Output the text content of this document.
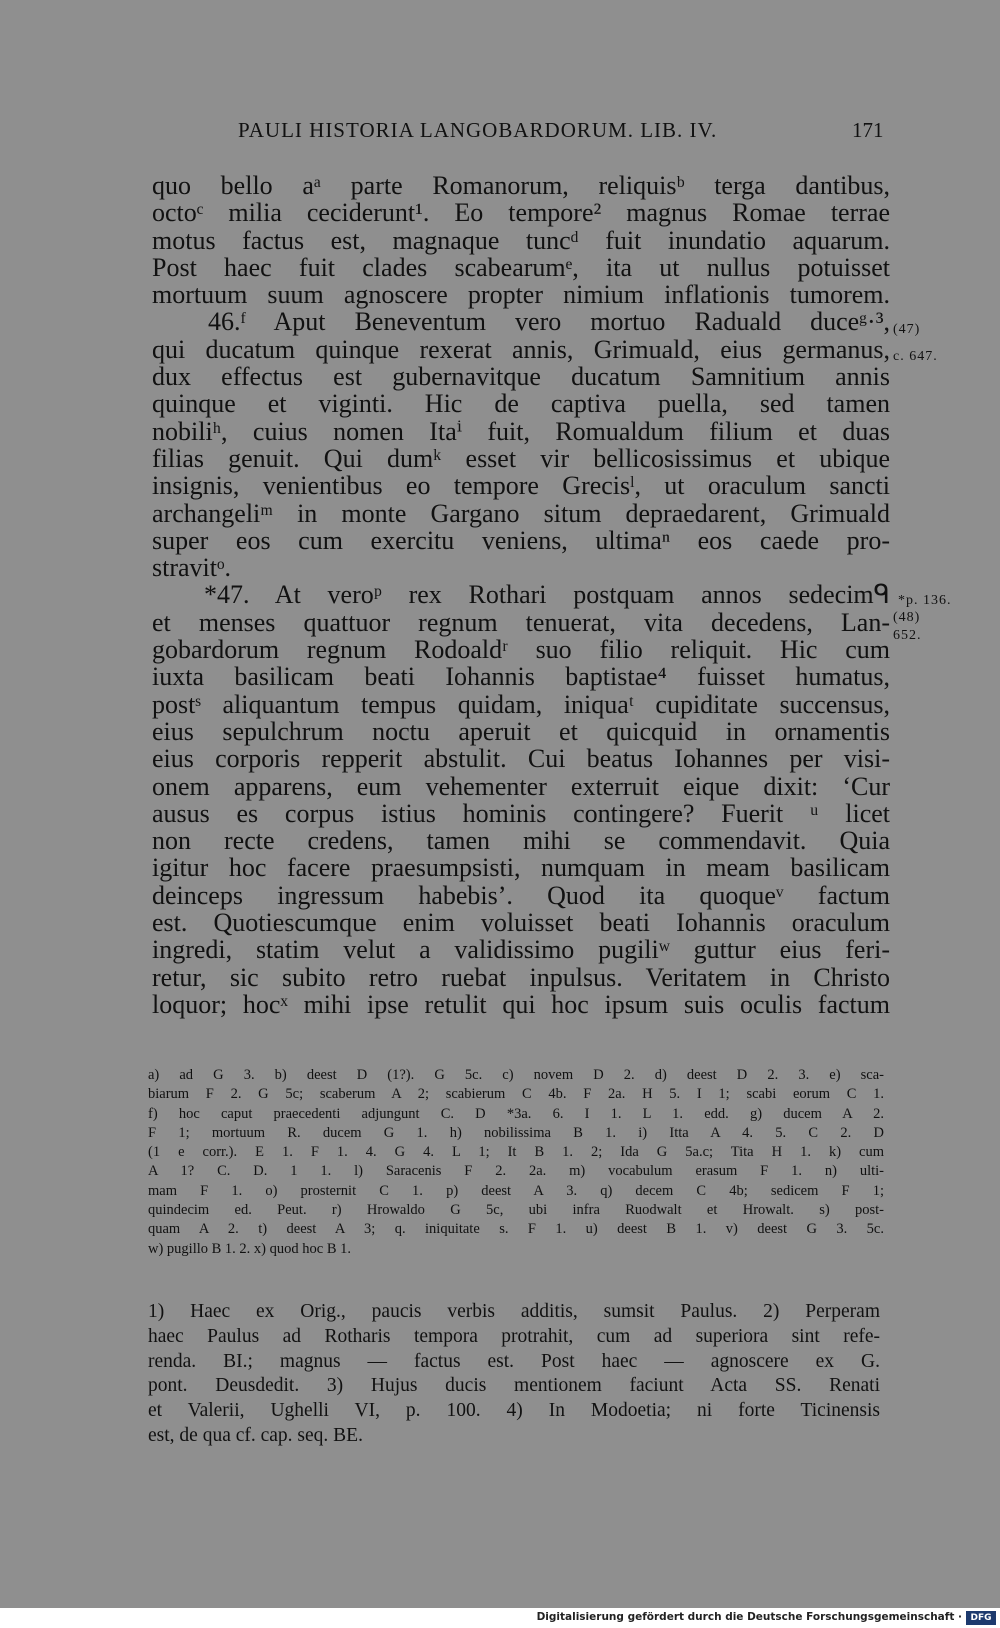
PAULI HISTORIA LANGOBARDORUM. LIB. IV.	171
quo bello aᵃ parte Romanorum, reliquisᵇ terga dantibus,
octoᶜ milia ceciderunt¹. Eo tempore² magnus Romae terrae
motus factus est, magnaque tuncᵈ fuit inundatio aquarum.
Post haec fuit clades scabearumᵉ, ita ut nullus potuisset
mortuum suum agnoscere propter nimium inflationis tumorem.
46.ᶠ Aput Beneventum vero mortuo Raduald duceᵍ·³,
qui ducatum quinque rexerat annis, Grimuald, eius germanus,
dux effectus est gubernavitque ducatum Samnitium annis
quinque et viginti. Hic de captiva puella, sed tamen
nobiliʰ, cuius nomen Itaⁱ fuit, Romualdum filium et duas
filias genuit. Qui dumᵏ esset vir bellicosissimus et ubique
insignis, venientibus eo tempore Grecisˡ, ut oraculum sancti
archangeliᵐ in monte Gargano situm depraedarent, Grimuald
super eos cum exercitu veniens, ultimaⁿ eos caede pro-
stravitᵒ.
*47. At veroᵖ rex Rothari postquam annos sedecimᑫ
et menses quattuor regnum tenuerat, vita decedens, Lan-
gobardorum regnum Rodoaldʳ suo filio reliquit. Hic cum
iuxta basilicam beati Iohannis baptistae⁴ fuisset humatus,
postˢ aliquantum tempus quidam, iniquaᵗ cupiditate succensus,
eius sepulchrum noctu aperuit et quicquid in ornamentis
eius corporis repperit abstulit. Cui beatus Iohannes per visi-
onem apparens, eum vehementer exterruit eique dixit: ‘Cur
ausus es corpus istius hominis contingere? Fuerit ᵘ licet
non recte credens, tamen mihi se commendavit. Quia
igitur hoc facere praesumpsisti, numquam in meam basilicam
deinceps ingressum habebis’. Quod ita quoqueᵛ factum
est. Quotiescumque enim voluisset beati Iohannis oraculum
ingredi, statim velut a validissimo pugiliʷ guttur eius feri-
retur, sic subito retro ruebat inpulsus. Veritatem in Christo
loquor; hocˣ mihi ipse retulit qui hoc ipsum suis oculis factum
(47)
c. 647.
*p. 136.
(48)
652.
a) ad G 3. b) deest D (1?). G 5c. c) novem D 2. d) deest D 2. 3. e) sca-
biarum F 2. G 5c; scaberum A 2; scabierum C 4b. F 2a. H 5. I 1; scabi eorum C 1.
f) hoc caput praecedenti adjungunt C. D *3a. 6. I 1. L 1. edd. g) ducem A 2.
F 1; mortuum R. ducem G 1. h) nobilissima B 1. i) Itta A 4. 5. C 2. D
(1 e corr.). E 1. F 1. 4. G 4. L 1; It B 1. 2; Ida G 5a.c; Tita H 1. k) cum
A 1? C. D. 1 1. l) Saracenis F 2. 2a. m) vocabulum erasum F 1. n) ulti-
mam F 1. o) prosternit C 1. p) deest A 3. q) decem C 4b; sedicem F 1;
quindecim ed. Peut. r) Hrowaldo G 5c, ubi infra Ruodwalt et Hrowalt. s) post-
quam A 2. t) deest A 3; q. iniquitate s. F 1. u) deest B 1. v) deest G 3. 5c.
w) pugillo B 1. 2. x) quod hoc B 1.
1) Haec ex Orig., paucis verbis additis, sumsit Paulus. 2) Perperam
haec Paulus ad Rotharis tempora protrahit, cum ad superiora sint refe-
renda. BI.; magnus — factus est. Post haec — agnoscere ex G.
pont. Deusdedit. 3) Hujus ducis mentionem faciunt Acta SS. Renati
et Valerii, Ughelli VI, p. 100. 4) In Modoetia; ni forte Ticinensis
est, de qua cf. cap. seq. BE.
Digitalisierung gefördert durch die Deutsche Forschungsgemeinschaft · DFG
